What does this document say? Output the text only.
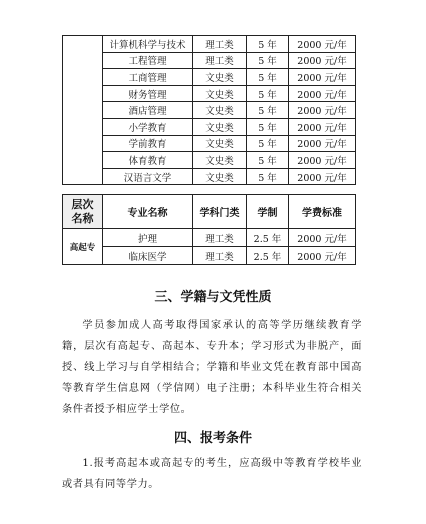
	计算机科学与技术	理工类	5 年	2000 元/年
	工程管理	理工类	5 年	2000 元/年
	工商管理	文史类	5 年	2000 元/年
	财务管理	文史类	5 年	2000 元/年
	酒店管理	文史类	5 年	2000 元/年
	小学教育	文史类	5 年	2000 元/年
	学前教育	文史类	5 年	2000 元/年
	体育教育	文史类	5 年	2000 元/年
	汉语言文学	文史类	5 年	2000 元/年
层次
名称	专业名称	学科门类	学制	学费标准
高起专	护理	理工类	2.5 年	2000 元/年
	临床医学	理工类	2.5 年	2000 元/年
三、学籍与文凭性质

学员参加成人高考取得国家承认的高等学历继续教育学籍，层次有高起专、高起本、专升本；学习形式为非脱产，面授、线上学习与自学相结合；学籍和毕业文凭在教育部中国高等教育学生信息网（学信网）电子注册；本科毕业生符合相关条件者授予相应学士学位。

四、报考条件

1.报考高起本或高起专的考生，应高级中等教育学校毕业或者具有同等学力。
